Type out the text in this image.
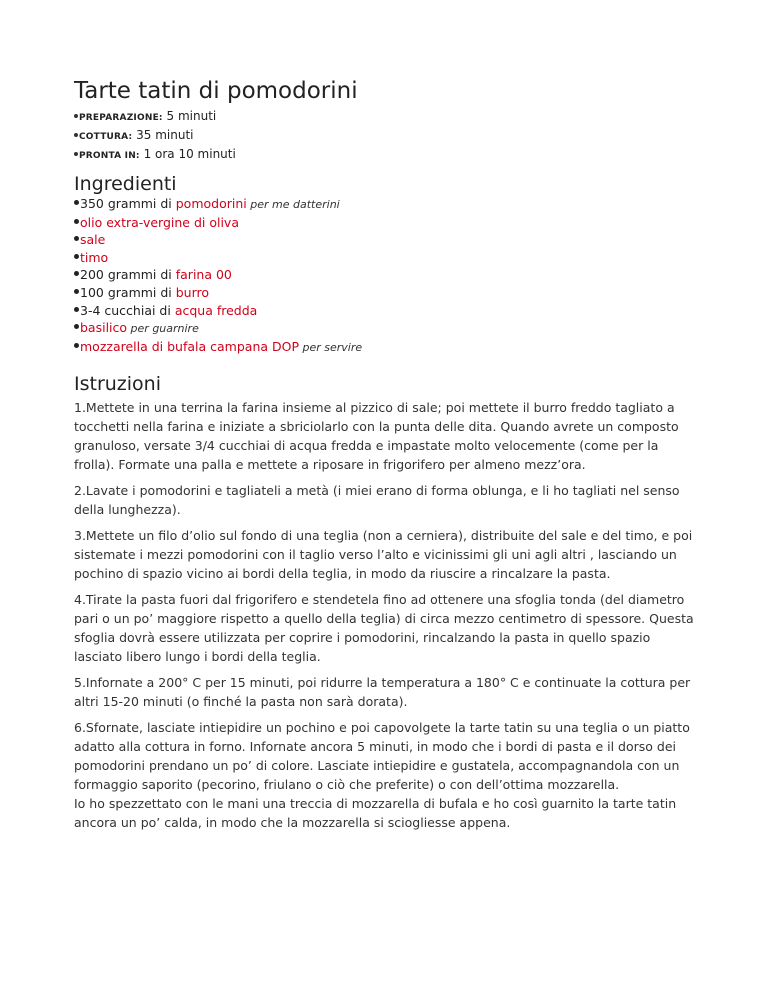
Tarte tatin di pomodorini
PREPARAZIONE: 5 minuti
COTTURA: 35 minuti
PRONTA IN: 1 ora 10 minuti
Ingredienti
350 grammi di pomodorini per me datterini
olio extra-vergine di oliva
sale
timo
200 grammi di farina 00
100 grammi di burro
3-4 cucchiai di acqua fredda
basilico per guarnire
mozzarella di bufala campana DOP per servire
Istruzioni

1.Mettete in una terrina la farina insieme al pizzico di sale; poi mettete il burro freddo tagliato a tocchetti nella farina e iniziate a sbriciolarlo con la punta delle dita. Quando avrete un composto granuloso, versate 3/4 cucchiai di acqua fredda e impastate molto velocemente (come per la frolla). Formate una palla e mettete a riposare in frigorifero per almeno mezz’ora.

2.Lavate i pomodorini e tagliateli a metà (i miei erano di forma oblunga, e li ho tagliati nel senso della lunghezza).

3.Mettete un filo d’olio sul fondo di una teglia (non a cerniera), distribuite del sale e del timo, e poi sistemate i mezzi pomodorini con il taglio verso l’alto e vicinissimi gli uni agli altri , lasciando un pochino di spazio vicino ai bordi della teglia, in modo da riuscire a rincalzare la pasta.

4.Tirate la pasta fuori dal frigorifero e stendetela fino ad ottenere una sfoglia tonda (del diametro pari o un po’ maggiore rispetto a quello della teglia) di circa mezzo centimetro di spessore. Questa sfoglia dovrà essere utilizzata per coprire i pomodorini, rincalzando la pasta in quello spazio lasciato libero lungo i bordi della teglia.

5.Infornate a 200° C per 15 minuti, poi ridurre la temperatura a 180° C e continuate la cottura per altri 15-20 minuti (o finché la pasta non sarà dorata).

6.Sfornate, lasciate intiepidire un pochino e poi capovolgete la tarte tatin su una teglia o un piatto adatto alla cottura in forno. Infornate ancora 5 minuti, in modo che i bordi di pasta e il dorso dei pomodorini prendano un po’ di colore. Lasciate intiepidire e gustatela, accompagnandola con un formaggio saporito (pecorino, friulano o ciò che preferite) o con dell’ottima mozzarella.
Io ho spezzettato con le mani una treccia di mozzarella di bufala e ho così guarnito la tarte tatin ancora un po’ calda, in modo che la mozzarella si sciogliesse appena.
